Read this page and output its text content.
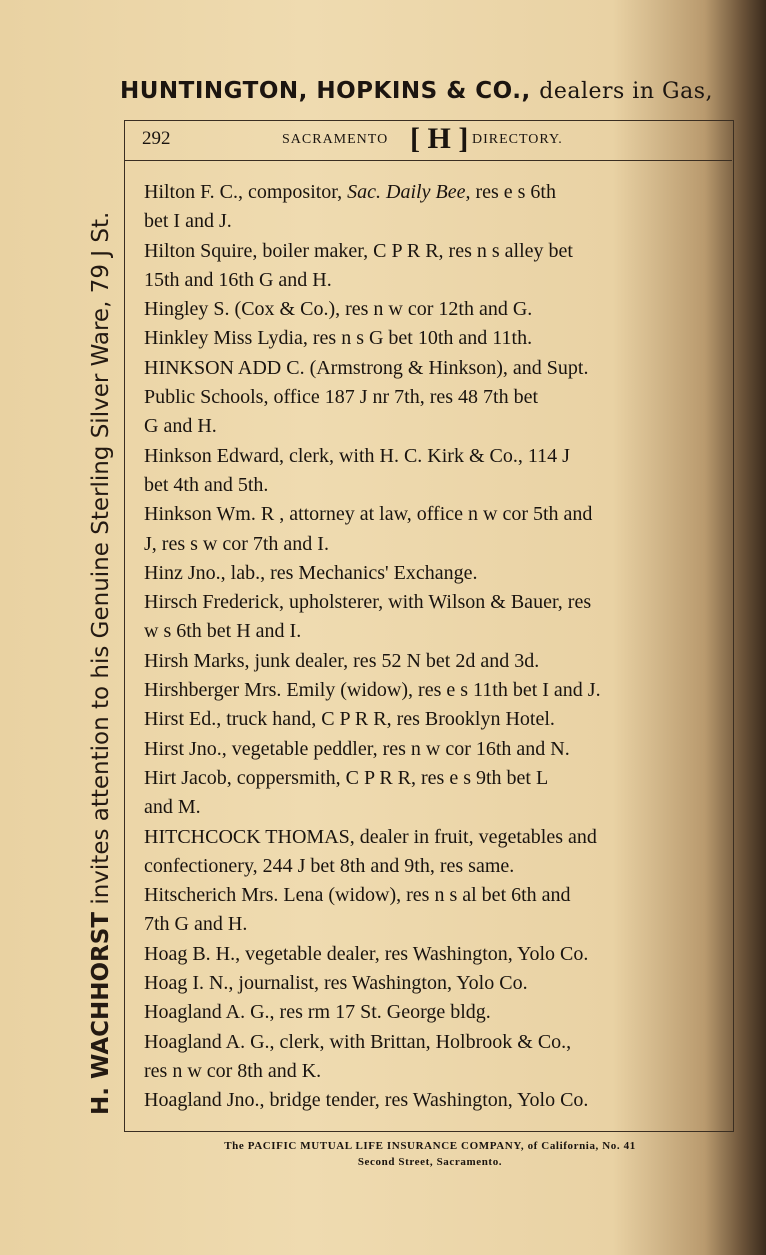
HUNTINGTON, HOPKINS & CO., dealers in Gas,
H. WACHHORST invites attention to his Genuine Sterling Silver Ware, 79 J St.
292	SACRAMENTO [ H ] DIRECTORY.

Hilton F. C., compositor, Sac. Daily Bee, res e s 6th
bet I and J.

Hilton Squire, boiler maker, C P R R, res n s alley bet
15th and 16th G and H.

Hingley S. (Cox & Co.), res n w cor 12th and G.

Hinkley Miss Lydia, res n s G bet 10th and 11th.

HINKSON ADD C. (Armstrong & Hinkson), and Supt.
Public Schools, office 187 J nr 7th, res 48 7th bet
G and H.

Hinkson Edward, clerk, with H. C. Kirk & Co., 114 J
bet 4th and 5th.

Hinkson Wm. R , attorney at law, office n w cor 5th and
J, res s w cor 7th and I.

Hinz Jno., lab., res Mechanics' Exchange.

Hirsch Frederick, upholsterer, with Wilson & Bauer, res
w s 6th bet H and I.

Hirsh Marks, junk dealer, res 52 N bet 2d and 3d.

Hirshberger Mrs. Emily (widow), res e s 11th bet I and J.

Hirst Ed., truck hand, C P R R, res Brooklyn Hotel.

Hirst Jno., vegetable peddler, res n w cor 16th and N.

Hirt Jacob, coppersmith, C P R R, res e s 9th bet L
and M.

HITCHCOCK THOMAS, dealer in fruit, vegetables and
confectionery, 244 J bet 8th and 9th, res same.

Hitscherich Mrs. Lena (widow), res n s al bet 6th and
7th G and H.

Hoag B. H., vegetable dealer, res Washington, Yolo Co.

Hoag I. N., journalist, res Washington, Yolo Co.

Hoagland A. G., res rm 17 St. George bldg.

Hoagland A. G., clerk, with Brittan, Holbrook & Co.,
res n w cor 8th and K.

Hoagland Jno., bridge tender, res Washington, Yolo Co.

The PACIFIC MUTUAL LIFE INSURANCE COMPANY, of California, No. 41
Second Street, Sacramento.
